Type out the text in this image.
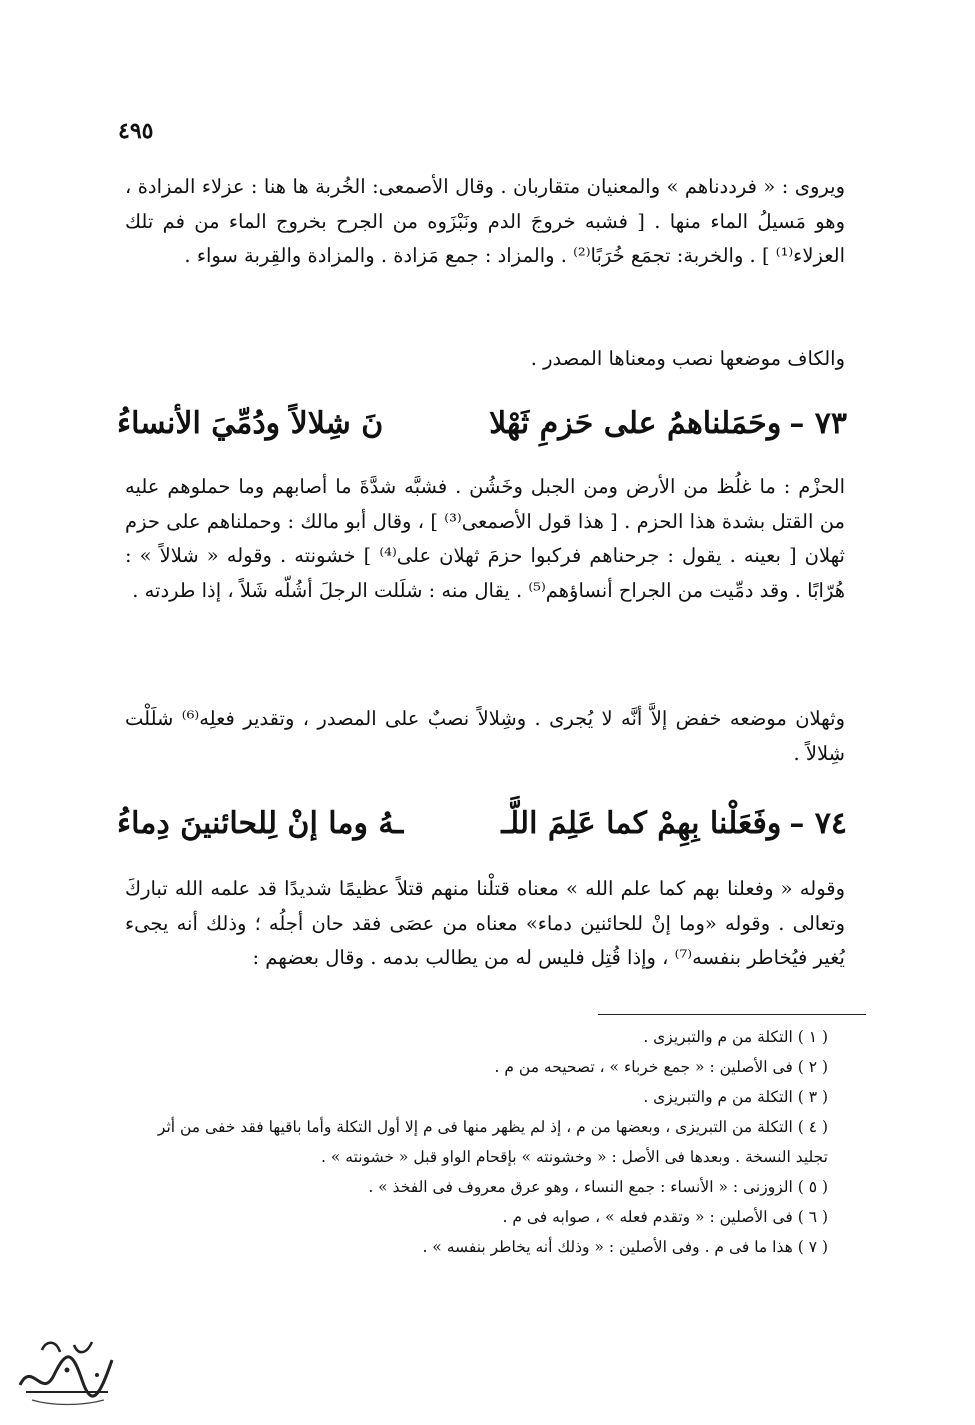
٤٩٥

ويروى : « فرددناهم » والمعنيان متقاربان . وقال الأصمعى: الخُربة ها هنا : عزلاء المزادة ، وهو مَسيلُ الماء منها . [ فشبه خروجَ الدم ونَبْزَوه من الجرح بخروج الماء من فم تلك العزلاء⁽¹⁾ ] . والخربة: تجمَع خُرَبًا⁽²⁾ . والمزاد : جمع مَزادة . والمزادة والقِربة سواء .

والكاف موضعها نصب ومعناها المصدر .

٧٣ –وحَمَلناهمُ على حَزمِ ثَهْلا
نَ شِلالاً ودُمِّيَ الأنساءُ

الحزْم : ما غلُظ من الأرض ومن الجبل وخَشُن . فشبَّه شدَّةَ ما أصابهم وما حملوهم عليه من القتل بشدة هذا الحزم . [ هذا قول الأصمعى⁽³⁾ ] ، وقال أبو مالك : وحملناهم على حزم ثهلان [ بعينه . يقول : جرحناهم فركبوا حزمَ ثهلان على⁽⁴⁾ ] خشونته . وقوله « شلالاً » : هُرّابًا . وقد دمِّيت من الجراح أنساؤهم⁽⁵⁾ . يقال منه : شلَلت الرجلَ أشُلّه شَلاً ، إذا طردته .

وثهلان موضعه خفض إلاَّ أنَّه لا يُجرى . وشِلالاً نصبٌ على المصدر ، وتقدير فعلِه⁽⁶⁾ شلَلْت شِلالاً .

٧٤ –وفَعَلْنا بِهِمْ كما عَلِمَ اللَّـ
ـهُ وما إنْ لِلحائنينَ دِماءُ

وقوله « وفعلنا بهم كما علم الله » معناه قتلْنا منهم قتلاً عظيمًا شديدًا قد علمه الله تباركَ وتعالى . وقوله «وما إنْ للحائنين دماء» معناه من عصَى فقد حان أجلُه ؛ وذلك أنه يجىء يُغير فيُخاطر بنفسه⁽⁷⁾ ، وإذا قُتِل فليس له من يطالب بدمه . وقال بعضهم :

( ١ ) التكلة من م والتبريزى .
( ٢ ) فى الأصلين : « جمع خرباء » ، تصحيحه من م .
( ٣ ) التكلة من م والتبريزى .
( ٤ ) التكلة من التبريزى ، وبعضها من م ، إذ لم يظهر منها فى م إلا أول التكلة وأما باقيها فقد خفى من أثر تجليد النسخة . وبعدها فى الأصل : « وخشونته » بإقحام الواو قبل « خشونته » .
( ٥ ) الزوزنى : « الأنساء : جمع النساء ، وهو عرق معروف فى الفخذ » .
( ٦ ) فى الأصلين : « وتقدم فعله » ، صوابه فى م .
( ٧ ) هذا ما فى م . وفى الأصلين : « وذلك أنه يخاطر بنفسه » .
